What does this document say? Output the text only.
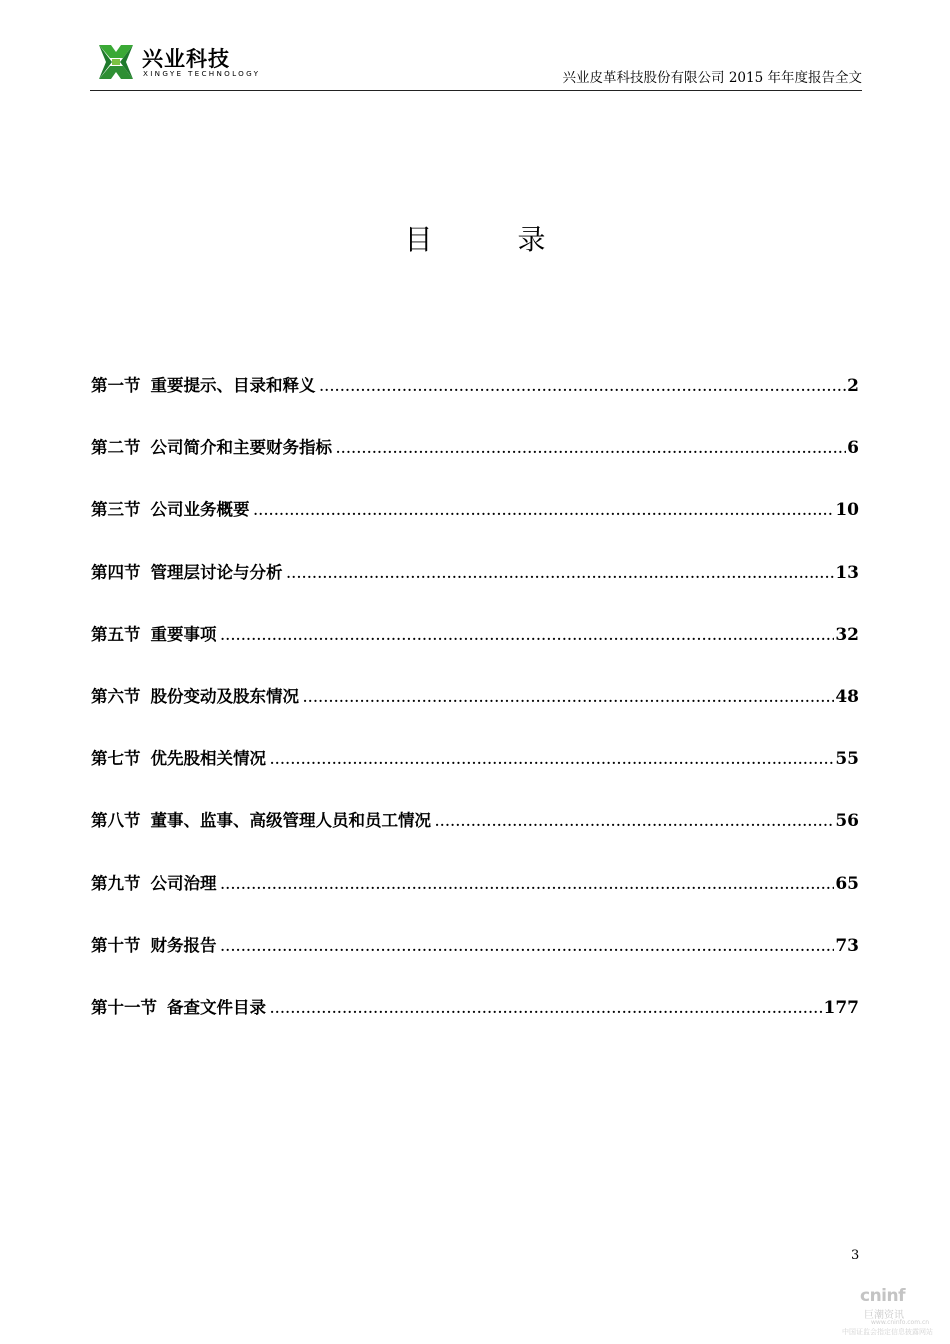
兴业科技
XINGYE TECHNOLOGY	兴业皮革科技股份有限公司 2015 年年度报告全文
目 录
第一节 重要提示、目录和释义 .....	2
第二节 公司简介和主要财务指标 .....	6
第三节 公司业务概要 .....	10
第四节 管理层讨论与分析 .....	13
第五节 重要事项 .....	32
第六节 股份变动及股东情况 .....	48
第七节 优先股相关情况 .....	55
第八节 董事、监事、高级管理人员和员工情况 .....	56
第九节 公司治理 .....	65
第十节 财务报告 .....	73
第十一节 备查文件目录 .....	177
3
cninf
巨潮资讯
www.cninfo.com.cn
中国证监会指定信息披露网站
